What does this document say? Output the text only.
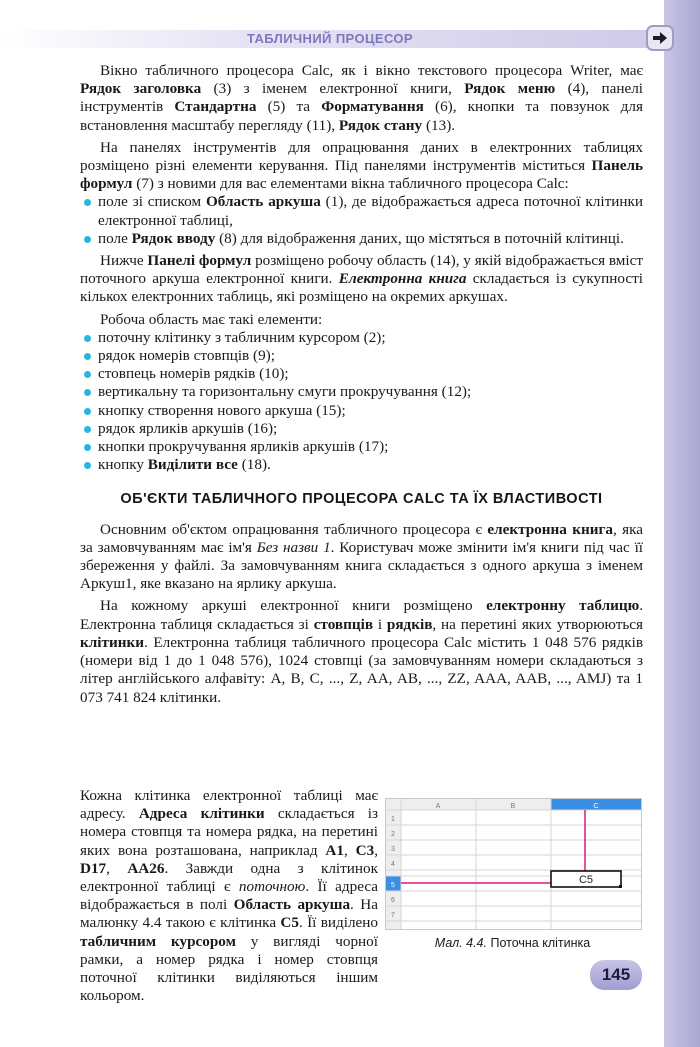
ТАБЛИЧНИЙ ПРОЦЕСОР

Вікно табличного процесора Calc, як і вікно текстового процесора Writer, має Рядок заголовка (3) з іменем електронної книги, Рядок меню (4), панелі інструментів Стандартна (5) та Форматування (6), кнопки та повзунок для встановлення масштабу перегляду (11), Рядок стану (13).

На панелях інструментів для опрацювання даних в електронних таблицях розміщено різні елементи керування. Під панелями інструментів міститься Панель формул (7) з новими для вас елементами вікна табличного процесора Calc:

поле зі списком Область аркуша (1), де відображається адреса поточної клітинки електронної таблиці,
поле Рядок вводу (8) для відображення даних, що містяться в поточній клітинці.

Нижче Панелі формул розміщено робочу область (14), у якій відображається вміст поточного аркуша електронної книги. Електронна книга складається із сукупності кількох електронних таблиць, які розміщено на окремих аркушах.

Робоча область має такі елементи:

поточну клітинку з табличним курсором (2);
рядок номерів стовпців (9);
стовпець номерів рядків (10);
вертикальну та горизонтальну смуги прокручування (12);
кнопку створення нового аркуша (15);
рядок ярликів аркушів (16);
кнопки прокручування ярликів аркушів (17);
кнопку Виділити все (18).
ОБ'ЄКТИ ТАБЛИЧНОГО ПРОЦЕСОРА CALC ТА ЇХ ВЛАСТИВОСТІ

Основним об'єктом опрацювання табличного процесора є електронна книга, яка за замовчуванням має ім'я Без назви 1. Користувач може змінити ім'я книги під час її збереження у файлі. За замовчуванням книга складається з одного аркуша з іменем Аркуш1, яке вказано на ярлику аркуша.

На кожному аркуші електронної книги розміщено електронну таблицю. Електронна таблиця складається зі стовпців і рядків, на перетині яких утворюються клітинки. Електронна таблиця табличного процесора Calc містить 1 048 576 рядків (номери від 1 до 1 048 576), 1024 стовпці (за замовчуванням номери складаються з літер англійського алфавіту: A, B, C, ..., Z, AA, AB, ..., ZZ, AAA, AAB, ..., AMJ) та 1 073 741 824 клітинки.

Кожна клітинка електронної таблиці має адресу. Адреса клітинки складається із номера стовпця та номера рядка, на перетині яких вона розташована, наприклад A1, C3, D17, AA26. Завжди одна з клітинок електронної таблиці є поточною. Її адреса відображається в полі Область аркуша. На малюнку 4.4 такою є клітинка C5. Її виділено табличним курсором у вигляді чорної рамки, а номер рядка і номер стовпця поточної клітинки виділяються іншим кольором.

A	B	C
1
2
3
4
5
6
7
C5
Мал. 4.4. Поточна клітинка
145
